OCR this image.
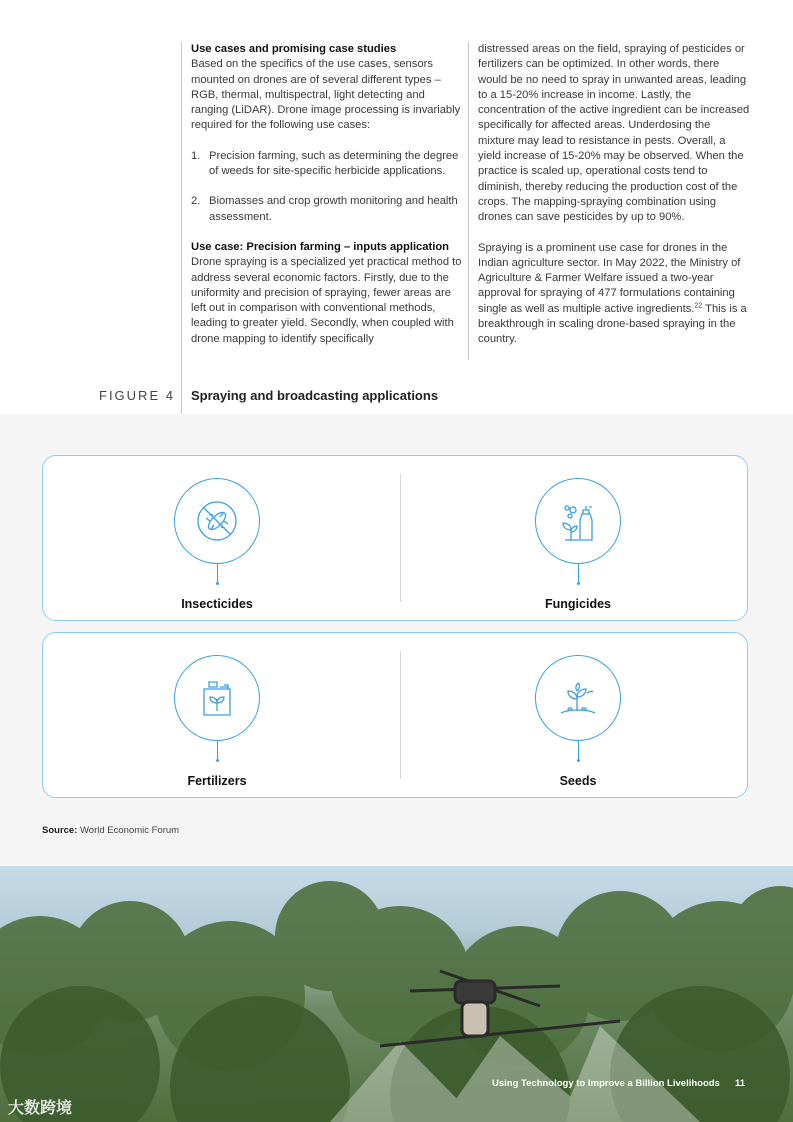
Use cases and promising case studies

Based on the specifics of the use cases, sensors mounted on drones are of several different types – RGB, thermal, multispectral, light detecting and ranging (LiDAR). Drone image processing is invariably required for the following use cases:

1. Precision farming, such as determining the degree of weeds for site-specific herbicide applications.
2. Biomasses and crop growth monitoring and health assessment.

Use case: Precision farming – inputs application

Drone spraying is a specialized yet practical method to address several economic factors. Firstly, due to the uniformity and precision of spraying, fewer areas are left out in comparison with conventional methods, leading to greater yield. Secondly, when coupled with drone mapping to identify specifically

distressed areas on the field, spraying of pesticides or fertilizers can be optimized. In other words, there would be no need to spray in unwanted areas, leading to a 15-20% increase in income. Lastly, the concentration of the active ingredient can be increased specifically for affected areas. Underdosing the mixture may lead to resistance in pests. Overall, a yield increase of 15-20% may be observed. When the practice is scaled up, operational costs tend to diminish, thereby reducing the production cost of the crops. The mapping-spraying combination using drones can save pesticides by up to 90%.

Spraying is a prominent use case for drones in the Indian agriculture sector. In May 2022, the Ministry of Agriculture & Farmer Welfare issued a two-year approval for spraying of 477 formulations containing single as well as multiple active ingredients.$^{22}$ This is a breakthrough in scaling drone-based spraying in the country.

FIGURE 4 Spraying and broadcasting applications
Insecticides	Fungicides
Fertilizers	Seeds
Source: World Economic Forum
Using Technology to Improve a Billion Livelihoods 11
大数跨境
